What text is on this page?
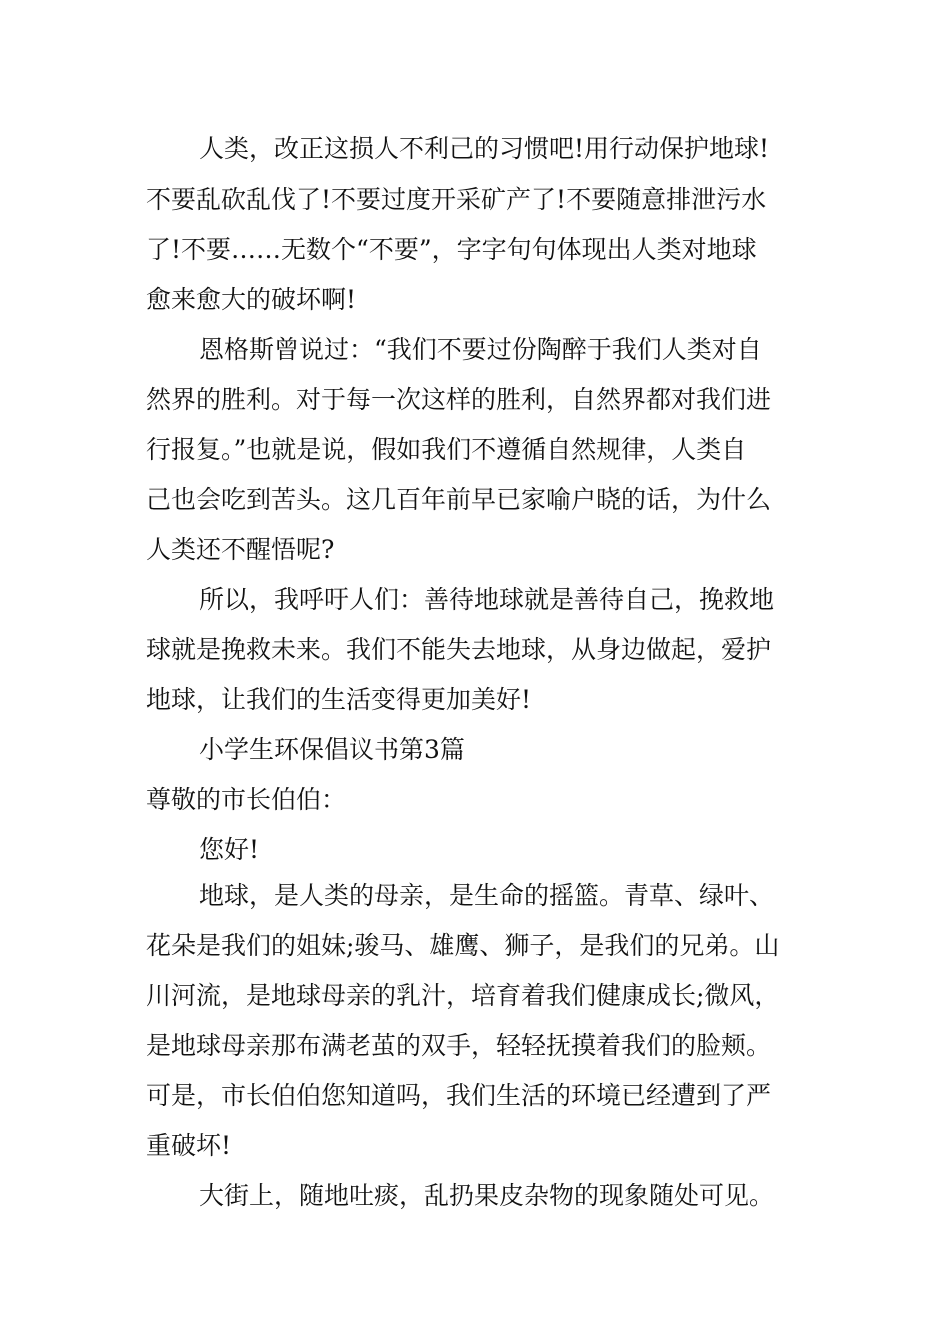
人类，改正这损人不利己的习惯吧!用行动保护地球!
不要乱砍乱伐了!不要过度开采矿产了!不要随意排泄污水
了!不要……无数个“不要”，字字句句体现出人类对地球
愈来愈大的破坏啊!
恩格斯曾说过：“我们不要过份陶醉于我们人类对自
然界的胜利。对于每一次这样的胜利，自然界都对我们进
行报复。”也就是说，假如我们不遵循自然规律，人类自
己也会吃到苦头。这几百年前早已家喻户晓的话，为什么
人类还不醒悟呢?
所以，我呼吁人们：善待地球就是善待自己，挽救地
球就是挽救未来。我们不能失去地球，从身边做起，爱护
地球，让我们的生活变得更加美好!
小学生环保倡议书第3篇
尊敬的市长伯伯：
您好!
地球，是人类的母亲，是生命的摇篮。青草、绿叶、
花朵是我们的姐妹;骏马、雄鹰、狮子，是我们的兄弟。山
川河流，是地球母亲的乳汁，培育着我们健康成长;微风，
是地球母亲那布满老茧的双手，轻轻抚摸着我们的脸颊。
可是，市长伯伯您知道吗，我们生活的环境已经遭到了严
重破坏!
大街上，随地吐痰，乱扔果皮杂物的现象随处可见。
